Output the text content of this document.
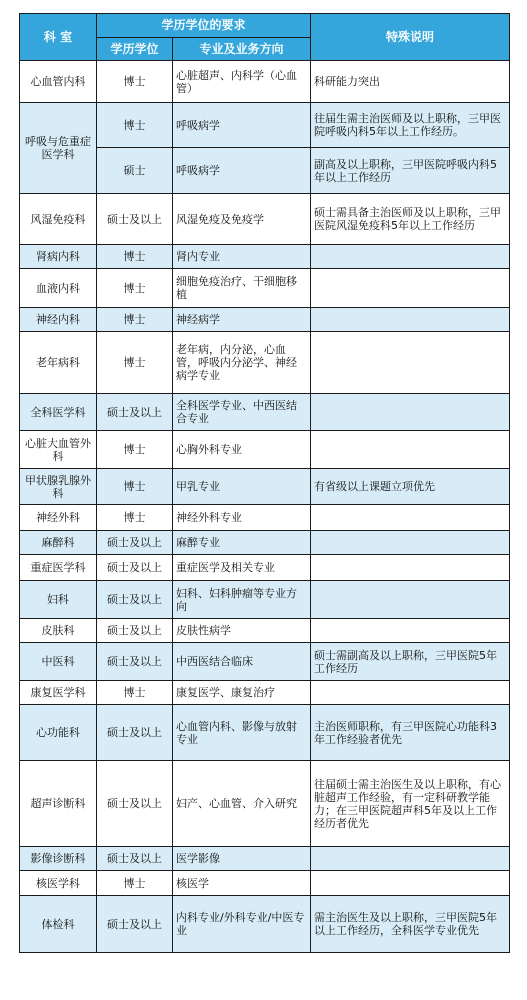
科 室	学历学位的要求		特殊说明
	学历学位	专业及业务方向	
心血管内科	博士	心脏超声、内科学（心血管）	科研能力突出
呼吸与危重症医学科	博士	呼吸病学	往届生需主治医师及以上职称，三甲医院呼吸内科5年以上工作经历。
	硕士	呼吸病学	副高及以上职称，三甲医院呼吸内科5年以上工作经历
风湿免疫科	硕士及以上	风湿免疫及免疫学	硕士需具备主治医师及以上职称，三甲医院风湿免疫科5年以上工作经历
肾病内科	博士	肾内专业	
血液内科	博士	细胞免疫治疗、干细胞移植	
神经内科	博士	神经病学	
老年病科	博士	老年病，内分泌，心血管，呼吸内分泌学、神经病学专业	
全科医学科	硕士及以上	全科医学专业、中西医结合专业	
心脏大血管外科	博士	心胸外科专业	
甲状腺乳腺外科	博士	甲乳专业	有省级以上课题立项优先
神经外科	博士	神经外科专业	
麻醉科	硕士及以上	麻醉专业	
重症医学科	硕士及以上	重症医学及相关专业	
妇科	硕士及以上	妇科、妇科肿瘤等专业方向	
皮肤科	硕士及以上	皮肤性病学	
中医科	硕士及以上	中西医结合临床	硕士需副高及以上职称，三甲医院5年工作经历
康复医学科	博士	康复医学、康复治疗	
心功能科	硕士及以上	心血管内科、影像与放射专业	主治医师职称，有三甲医院心功能科3年工作经验者优先
超声诊断科	硕士及以上	妇产、心血管、介入研究	往届硕士需主治医生及以上职称，有心脏超声工作经验，有一定科研教学能力；在三甲医院超声科5年及以上工作经历者优先
影像诊断科	硕士及以上	医学影像	
核医学科	博士	核医学	
体检科	硕士及以上	内科专业/外科专业/中医专业	需主治医生及以上职称，三甲医院5年以上工作经历，全科医学专业优先
